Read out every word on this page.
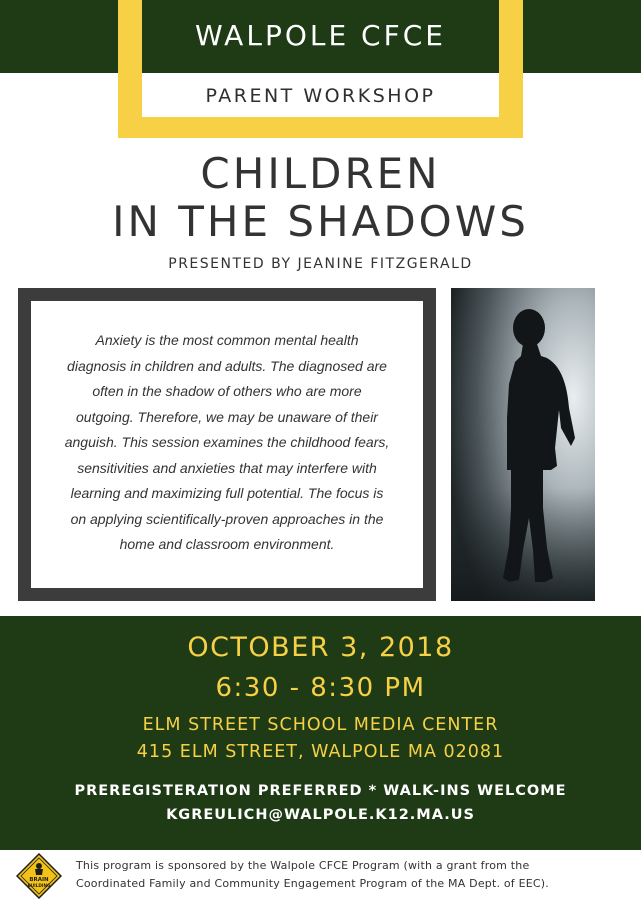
WALPOLE CFCE
PARENT WORKSHOP
CHILDREN
IN THE SHADOWS
PRESENTED BY JEANINE FITZGERALD
Anxiety is the most common mental health
diagnosis in children and adults. The diagnosed are
often in the shadow of others who are more
outgoing. Therefore, we may be unaware of their
anguish. This session examines the childhood fears,
sensitivities and anxieties that may interfere with
learning and maximizing full potential. The focus is
on applying scientifically-proven approaches in the
home and classroom environment.
OCTOBER 3, 2018
6:30 - 8:30 PM
ELM STREET SCHOOL MEDIA CENTER
415 ELM STREET, WALPOLE MA 02081
PREREGISTERATION PREFERRED * WALK-INS WELCOME
KGREULICH@WALPOLE.K12.MA.US
BRAIN
BUILDING
This program is sponsored by the Walpole CFCE Program (with a grant from the
Coordinated Family and Community Engagement Program of the MA Dept. of EEC).
